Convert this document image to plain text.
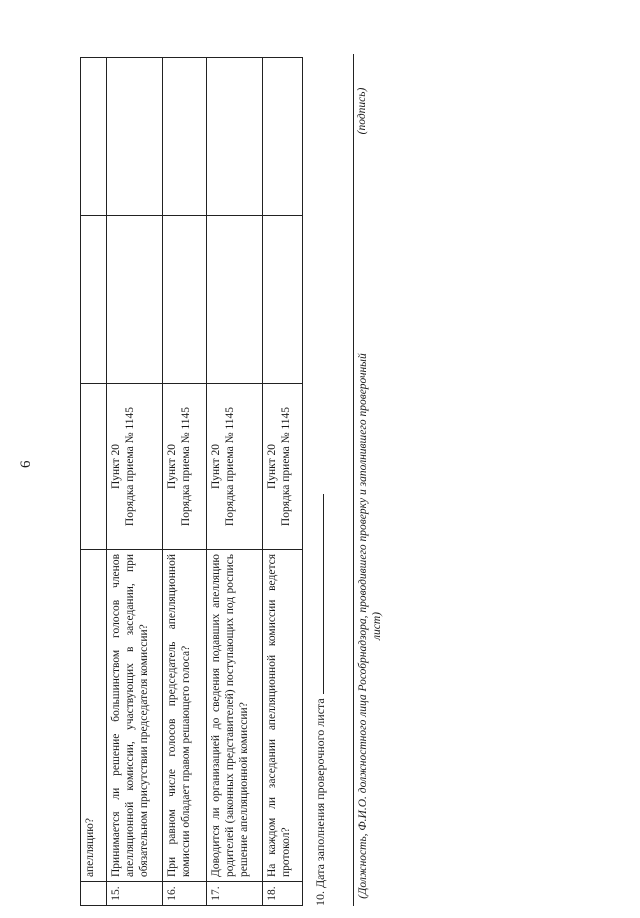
6
	апелляцию?			
15.	Принимается ли решение большинством голосов членов апелляционной комиссии, участвующих в заседании, при обязательном присутствии председателя комиссии?	Пункт 20 Порядка приема № 1145		

16.	При равном числе голосов председатель апелляционной комиссии обладает правом решающего голоса?	Пункт 20 Порядка приема № 1145		

17.	Доводится ли организацией до сведения подавших апелляцию родителей (законных представителей) поступающих под роспись решение апелляционной комиссии?	Пункт 20 Порядка приема № 1145		

18.	На каждом ли заседании апелляционной комиссии ведется протокол?	Пункт 20 Порядка приема № 1145		

10. Дата заполнения проверочного листа	(Должность, Ф.И.О. должностного лица Рособрнадзора, проводившего проверку и заполнившего проверочный лист)
(подпись)
